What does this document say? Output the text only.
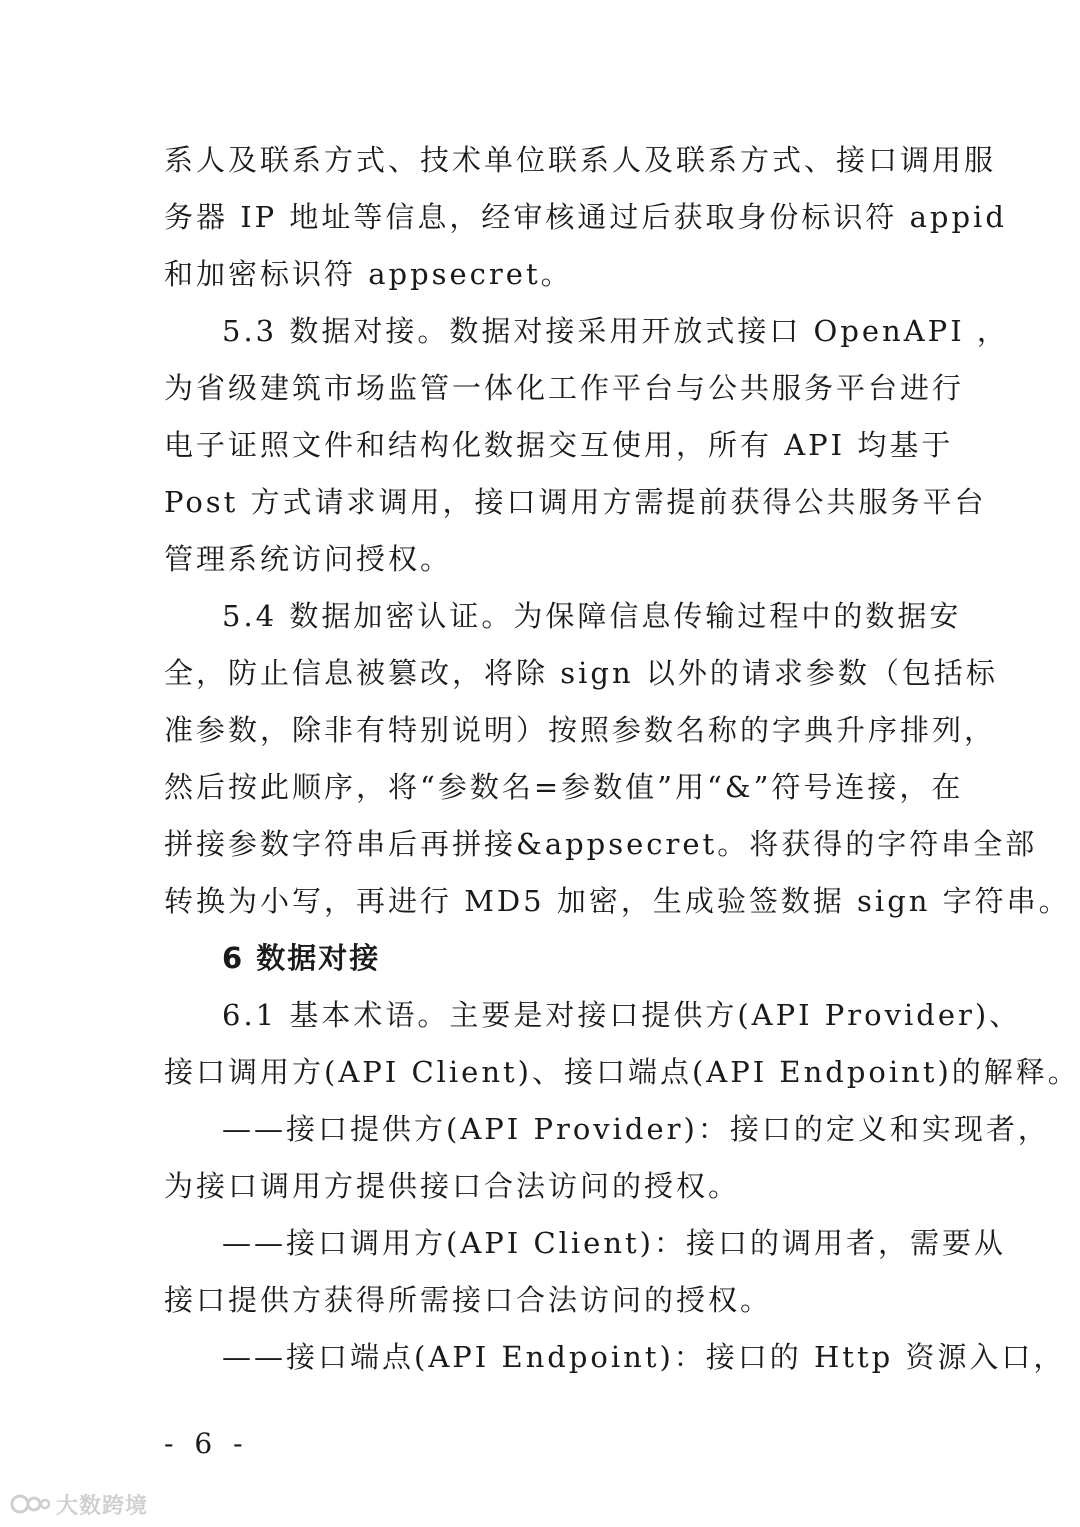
系人及联系方式、技术单位联系人及联系方式、接口调用服
务器 IP 地址等信息，经审核通过后获取身份标识符 appid
和加密标识符 appsecret。
5.3 数据对接。数据对接采用开放式接口 OpenAPI ，
为省级建筑市场监管一体化工作平台与公共服务平台进行
电子证照文件和结构化数据交互使用，所有 API 均基于
Post 方式请求调用，接口调用方需提前获得公共服务平台
管理系统访问授权。
5.4 数据加密认证。为保障信息传输过程中的数据安
全，防止信息被篡改，将除 sign 以外的请求参数（包括标
准参数，除非有特别说明）按照参数名称的字典升序排列，
然后按此顺序，将“参数名=参数值”用“&”符号连接，在
拼接参数字符串后再拼接&appsecret。将获得的字符串全部
转换为小写，再进行 MD5 加密，生成验签数据 sign 字符串。
6 数据对接
6.1 基本术语。主要是对接口提供方(API Provider)、
接口调用方(API Client)、接口端点(API Endpoint)的解释。
——接口提供方(API Provider)：接口的定义和实现者，
为接口调用方提供接口合法访问的授权。
——接口调用方(API Client)：接口的调用者，需要从
接口提供方获得所需接口合法访问的授权。
——接口端点(API Endpoint)：接口的 Http 资源入口，
- 6 -
大数跨境
